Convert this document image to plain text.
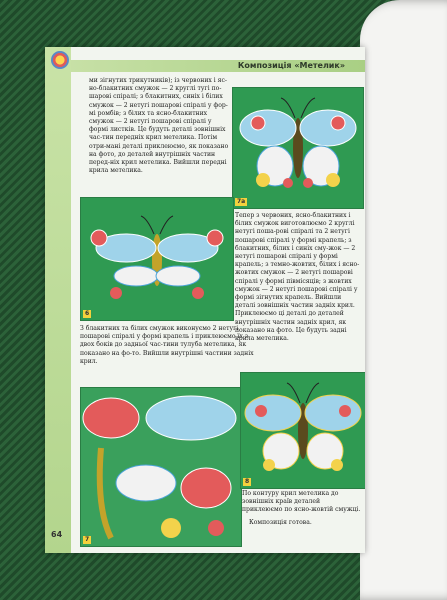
Композиція «Метелик»
64

ми зігнутих трикутників); із червоних і яс-но-блакитних смужок — 2 круглі тугі по-шарові спіралі; з блакитних, синіх і білих смужок — 2 нетугі пошарові спіралі у фор-мі ромбів; з білих та ясно-блакитних смужок — 2 нетугі пошарові спіралі у формі листків. Це будуть деталі зовнішніх час-тин передніх крил метелика. Потім отри-мані деталі приклеюємо, як показано на фото, до деталей внутрішніх частин перед-ніх крил метелика. Вийшли передні крила метелика.

З блакитних та білих смужок виконуємо 2 нетугі пошарові спіралі у формі крапель і приклеюємо їх з двох боків до задньої час-тини тулуба метелика, як показано на фо-то. Вийшли внутрішні частини задніх крил.

Тепер з червоних, ясно-блакитних і білих смужок виготовлюємо 2 круглі нетугі поша-рові спіралі та 2 нетугі пошарові спіралі у формі крапель; з блакитних, білих і синіх сму-жок — 2 нетугі пошарові спіралі у формі крапель; з темно-жовтих, білих і ясно-жовтих смужок — 2 нетугі пошарові спіралі у формі півмісяців; з жовтих смужок — 2 нетугі пошарові спіралі у формі зігнутих крапель. Вийшли деталі зовнішніх частин задніх крил. Приклеюємо ці деталі до деталей внутрішніх частин задніх крил, як показано на фото. Це будуть задні крила метелика.

По контуру крил метелика до зовнішніх країв деталей приклеюємо по ясно-жовтій смужці.

Композиція готова.

7a
6
7
8
